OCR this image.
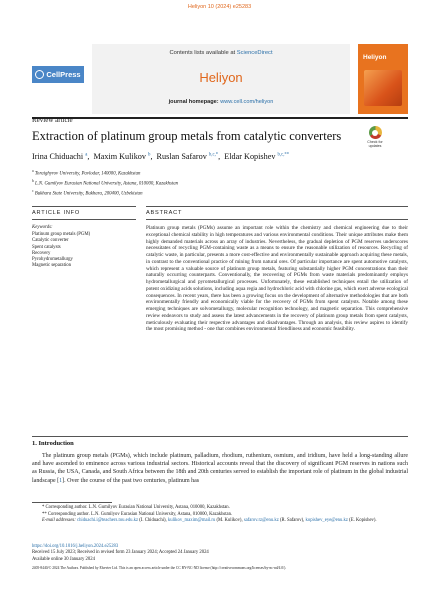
Heliyon 10 (2024) e25283
CellPress
Contents lists available at ScienceDirect
Heliyon
journal homepage: www.cell.com/heliyon
Heliyon
Review article
Extraction of platinum group metals from catalytic converters	Check for
updates
Irina Chiduachi $^a$, Maxim Kulikov $^b$, Ruslan Safarov $^{b,c,*}$, Eldar Kopishev $^{b,c,**}$
$^a$ Toraighyrov University, Pavlodar, 140000, Kazakhstan
$^b$ L.N. Gumilyov Eurasian National University, Astana, 010000, Kazakhstan
$^c$ Bukhara State University, Bukhara, 200400, Uzbekistan
ARTICLE INFO
Keywords:
Platinum group metals (PGM)
Catalytic converter
Spent catalysts
Recovery
Pyrohydrometallurgy
Magnetic separation
ABSTRACT
Platinum group metals (PGMs) assume an important role within the chemistry and chemical engineering due to their exceptional chemical stability in high temperatures and various environmental conditions. Their unique attributes make them highly demanded materials across an array of industries. Nevertheless, the gradual depletion of PGM reserves underscores necessitates of recycling PGM-containing waste as a means to ensure the reasonable utilization of resources. Recycling of catalytic waste, in particular, presents a more cost-effective and environmentally sustainable approach acquiring these metals, in contrast to the conventional practice of mining from natural ores. Of particular importance are spent automotive catalysts, which represent a valuable source of platinum group metals, featuring substantially higher PGM concentrations than their naturally occurring counterparts. Conventionally, the recovering of PGMs from waste materials predominantly employs hydrometallurgical and pyrometallurgical processes. Unfortunately, these established techniques entail the utilization of potent oxidizing acids solutions, including aqua regia and hydrochloric acid with chlorine gas, which exert adverse ecological consequences. In recent years, there has been a growing focus on the development of alternative methodologies that are both environmentally friendly and economically viable for the recovery of PGMs from spent catalysts. Notable among these emerging techniques are solvometallurgy, molecular recognition technology, and magnetic separation. This comprehensive review endeavors to study and assess the latest advancements in the recovery of platinum group metals from spent catalysts, meticulously evaluating their respective advantages and disadvantages. Through an analysis, this review aspires to identify the most promising method - one that combines environmental friendliness and economic feasibility.
1. Introduction
The platinum group metals (PGMs), which include platinum, palladium, rhodium, ruthenium, osmium, and iridium, have held a long-standing allure and have ascended to eminence across various industrial sectors. Historical accounts reveal that the discovery of significant PGM reserves in nations such as Russia, the USA, Canada, and South Africa between the 18th and 20th centuries served to establish the important role of platinum in the global industrial landscape [1]. Over the course of the past two centuries, platinum has
* Corresponding author. L.N. Gumilyov Eurasian National University, Astana, 010000, Kazakhstan.
** Corresponding author. L.N. Gumilyov Eurasian National University, Astana, 010000, Kazakhstan.
E-mail addresses: chiduachi.i@teachers.tou.edu.kz (I. Chiduachi), kulikov_maxim@mail.ru (M. Kulikov), safarov.rz@enu.kz (R. Safarov), kopishev_eye@enu.kz (E. Kopishev).
https://doi.org/10.1016/j.heliyon.2024.e25283
Received 15 July 2023; Received in revised form 23 January 2024; Accepted 24 January 2024
Available online 30 January 2024
2405-8440/© 2024 The Authors. Published by Elsevier Ltd. This is an open access article under the CC BY-NC-ND license (http://creativecommons.org/licenses/by-nc-nd/4.0/).
